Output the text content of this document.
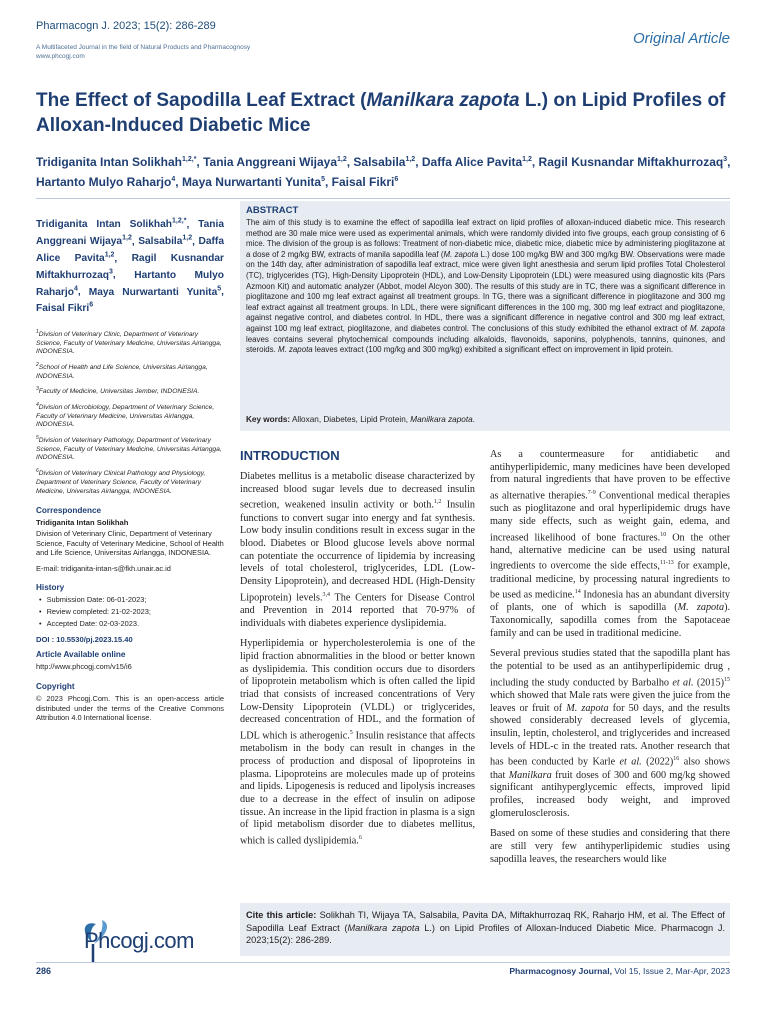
Pharmacogn J. 2023; 15(2): 286-289
A Multifaceted Journal in the field of Natural Products and Pharmacognosy
www.phcogj.com
Original Article
The Effect of Sapodilla Leaf Extract (Manilkara zapota L.) on Lipid Profiles of Alloxan-Induced Diabetic Mice
Tridiganita Intan Solikhah$^{1,2,*}$, Tania Anggreani Wijaya$^{1,2}$, Salsabila$^{1,2}$, Daffa Alice Pavita$^{1,2}$, Ragil Kusnandar Miftakhurrozaq$^3$, Hartanto Mulyo Raharjo$^4$, Maya Nurwartanti Yunita$^5$, Faisal Fikri$^6$
Tridiganita Intan Solikhah$^{1,2,*}$, Tania Anggreani Wijaya$^{1,2}$, Salsabila$^{1,2}$, Daffa Alice Pavita$^{1,2}$, Ragil Kusnandar Miftakhurrozaq$^3$, Hartanto Mulyo Raharjo$^4$, Maya Nurwartanti Yunita$^5$, Faisal Fikri$^6$
$^1$Division of Veterinary Clinic, Department of Veterinary Science, Faculty of Veterinary Medicine, Universitas Airlangga, INDONESIA.
$^2$School of Health and Life Science, Universitas Airlangga, INDONESIA.
$^3$Faculty of Medicine, Universitas Jember, INDONESIA.
$^4$Division of Microbiology, Department of Veterinary Science, Faculty of Veterinary Medicine, Universitas Airlangga, INDONESIA.
$^5$Division of Veterinary Pathology, Department of Veterinary Science, Faculty of Veterinary Medicine, Universitas Airlangga, INDONESIA.
$^6$Division of Veterinary Clinical Pathology and Physiology, Department of Veterinary Science, Faculty of Veterinary Medicine, Universitas Airlangga, INDONESIA.
Correspondence
Tridiganita Intan Solikhah
Division of Veterinary Clinic, Department of Veterinary Science, Faculty of Veterinary Medicine, School of Health and Life Science, Universitas Airlangga, INDONESIA.
E-mail: tridiganita-intan-s@fkh.unair.ac.id
History
• Submission Date: 06-01-2023;
• Review completed: 21-02-2023;
• Accepted Date: 02-03-2023.
DOI : 10.5530/pj.2023.15.40
Article Available online
http://www.phcogj.com/v15/i6
Copyright
© 2023 Phcogj.Com. This is an open-access article distributed under the terms of the Creative Commons Attribution 4.0 International license.
Phcogj.com
ABSTRACT
The aim of this study is to examine the effect of sapodilla leaf extract on lipid profiles of alloxan-induced diabetic mice. This research method are 30 male mice were used as experimental animals, which were randomly divided into five groups, each group consisting of 6 mice. The division of the group is as follows: Treatment of non-diabetic mice, diabetic mice, diabetic mice by administering pioglitazone at a dose of 2 mg/kg BW, extracts of manila sapodilla leaf (M. zapota L.) dose 100 mg/kg BW and 300 mg/kg BW. Observations were made on the 14th day, after administration of sapodilla leaf extract, mice were given light anesthesia and serum lipid profiles Total Cholesterol (TC), triglycerides (TG), High-Density Lipoprotein (HDL), and Low-Density Lipoprotein (LDL) were measured using diagnostic kits (Pars Azmoon Kit) and automatic analyzer (Abbot, model Alcyon 300). The results of this study are in TC, there was a significant difference in pioglitazone and 100 mg leaf extract against all treatment groups. In TG, there was a significant difference in pioglitazone and 300 mg leaf extract against all treatment groups. In LDL, there were significant differences in the 100 mg, 300 mg leaf extract and pioglitazone, against negative control, and diabetes control. In HDL, there was a significant difference in negative control and 300 mg leaf extract, against 100 mg leaf extract, pioglitazone, and diabetes control. The conclusions of this study exhibited the ethanol extract of M. zapota leaves contains several phytochemical compounds including alkaloids, flavonoids, saponins, polyphenols, tannins, quinones, and steroids. M. zapota leaves extract (100 mg/kg and 300 mg/kg) exhibited a significant effect on improvement in lipid protein.
Key words: Alloxan, Diabetes, Lipid Protein, Manilkara zapota.
INTRODUCTION

Diabetes mellitus is a metabolic disease characterized by increased blood sugar levels due to decreased insulin secretion, weakened insulin activity or both.$^{1,2}$ Insulin functions to convert sugar into energy and fat synthesis. Low body insulin conditions result in excess sugar in the blood. Diabetes or Blood glucose levels above normal can potentiate the occurrence of lipidemia by increasing levels of total cholesterol, triglycerides, LDL (Low-Density Lipoprotein), and decreased HDL (High-Density Lipoprotein) levels.$^{3,4}$ The Centers for Disease Control and Prevention in 2014 reported that 70-97% of individuals with diabetes experience dyslipidemia.

Hyperlipidemia or hypercholesterolemia is one of the lipid fraction abnormalities in the blood or better known as dyslipidemia. This condition occurs due to disorders of lipoprotein metabolism which is often called the lipid triad that consists of increased concentrations of Very Low-Density Lipoprotein (VLDL) or triglycerides, decreased concentration of HDL, and the formation of LDL which is atherogenic.$^5$ Insulin resistance that affects metabolism in the body can result in changes in the process of production and disposal of lipoproteins in plasma. Lipoproteins are molecules made up of proteins and lipids. Lipogenesis is reduced and lipolysis increases due to a decrease in the effect of insulin on adipose tissue. An increase in the lipid fraction in plasma is a sign of lipid metabolism disorder due to diabetes mellitus, which is called dyslipidemia.$^6$

As a countermeasure for antidiabetic and antihyperlipidemic, many medicines have been developed from natural ingredients that have proven to be effective as alternative therapies.$^{7-9}$ Conventional medical therapies such as pioglitazone and oral hyperlipidemic drugs have many side effects, such as weight gain, edema, and increased likelihood of bone fractures.$^{10}$ On the other hand, alternative medicine can be used using natural ingredients to overcome the side effects,$^{11-13}$ for example, traditional medicine, by processing natural ingredients to be used as medicine.$^{14}$ Indonesia has an abundant diversity of plants, one of which is sapodilla (M. zapota). Taxonomically, sapodilla comes from the Sapotaceae family and can be used in traditional medicine.

Several previous studies stated that the sapodilla plant has the potential to be used as an antihyperlipidemic drug , including the study conducted by Barbalho et al. $(2015)^{15}$ which showed that Male rats were given the juice from the leaves or fruit of M. zapota for 50 days, and the results showed considerably decreased levels of glycemia, insulin, leptin, cholesterol, and triglycerides and increased levels of HDL-c in the treated rats. Another research that has been conducted by Karle et al. $(2022)^{16}$ also shows that Manilkara fruit doses of 300 and 600 mg/kg showed significant antihyperglycemic effects, improved lipid profiles, increased body weight, and improved glomerulosclerosis.

Based on some of these studies and considering that there are still very few antihyperlipidemic studies using sapodilla leaves, the researchers would like

Cite this article: Solikhah TI, Wijaya TA, Salsabila, Pavita DA, Miftakhurrozaq RK, Raharjo HM, et al. The Effect of Sapodilla Leaf Extract (Manilkara zapota L.) on Lipid Profiles of Alloxan-Induced Diabetic Mice. Pharmacogn J. 2023;15(2): 286-289.
286	Pharmacognosy Journal, Vol 15, Issue 2, Mar-Apr, 2023
